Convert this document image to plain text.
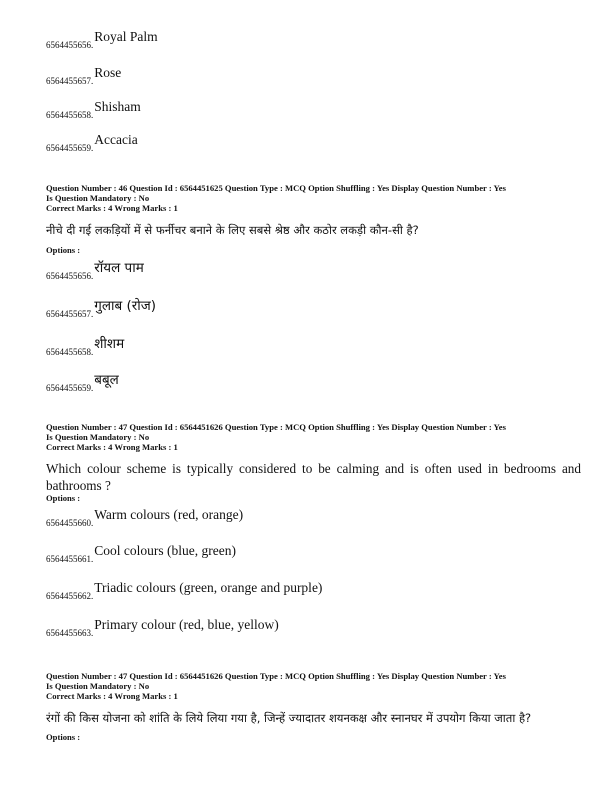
6564455656.Royal Palm
6564455657.Rose
6564455658.Shisham
6564455659.Accacia
Question Number : 46 Question Id : 6564451625 Question Type : MCQ Option Shuffling : Yes Display Question Number : Yes
Is Question Mandatory : No
Correct Marks : 4 Wrong Marks : 1
नीचे दी गई लकड़ियों में से फर्नीचर बनाने के लिए सबसे श्रेष्ठ और कठोर लकड़ी कौन-सी है?
Options :
6564455656.रॉयल पाम
6564455657.गुलाब (रोज)
6564455658.शीशम
6564455659.बबूल
Question Number : 47 Question Id : 6564451626 Question Type : MCQ Option Shuffling : Yes Display Question Number : Yes
Is Question Mandatory : No
Correct Marks : 4 Wrong Marks : 1
Which colour scheme is typically considered to be calming and is often used in bedrooms and bathrooms ?
Options :
6564455660.Warm colours (red, orange)
6564455661.Cool colours (blue, green)
6564455662.Triadic colours (green, orange and purple)
6564455663.Primary colour (red, blue, yellow)
Question Number : 47 Question Id : 6564451626 Question Type : MCQ Option Shuffling : Yes Display Question Number : Yes
Is Question Mandatory : No
Correct Marks : 4 Wrong Marks : 1
रंगों की किस योजना को शांति के लिये लिया गया है, जिन्हें ज्यादातर शयनकक्ष और स्नानघर में उपयोग किया जाता है?
Options :
